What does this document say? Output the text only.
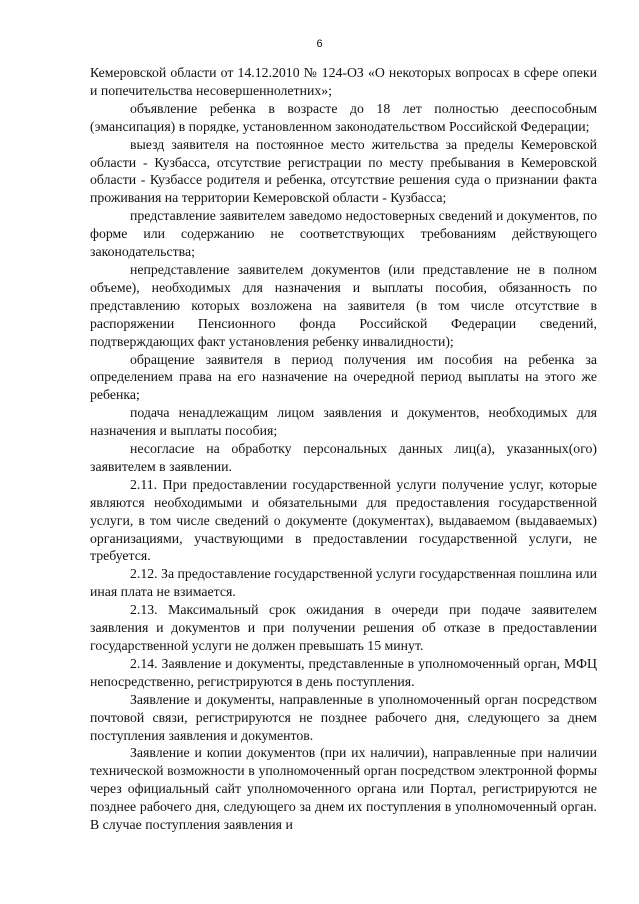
6

Кемеровской области от 14.12.2010 № 124-ОЗ «О некоторых вопросах в сфере опеки и попечительства несовершеннолетних»;

объявление ребенка в возрасте до 18 лет полностью дееспособным (эмансипация) в порядке, установленном законодательством Российской Федерации;

выезд заявителя на постоянное место жительства за пределы Кемеровской области - Кузбасса, отсутствие регистрации по месту пребывания в Кемеровской области - Кузбассе родителя и ребенка, отсутствие решения суда о признании факта проживания на территории Кемеровской области - Кузбасса;

представление заявителем заведомо недостоверных сведений и документов, по форме или содержанию не соответствующих требованиям действующего законодательства;

непредставление заявителем документов (или представление не в полном объеме), необходимых для назначения и выплаты пособия, обязанность по представлению которых возложена на заявителя (в том числе отсутствие в распоряжении Пенсионного фонда Российской Федерации сведений, подтверждающих факт установления ребенку инвалидности);

обращение заявителя в период получения им пособия на ребенка за определением права на его назначение на очередной период выплаты на этого же ребенка;

подача ненадлежащим лицом заявления и документов, необходимых для назначения и выплаты пособия;

несогласие на обработку персональных данных лиц(а), указанных(ого) заявителем в заявлении.

2.11. При предоставлении государственной услуги получение услуг, которые являются необходимыми и обязательными для предоставления государственной услуги, в том числе сведений о документе (документах), выдаваемом (выдаваемых) организациями, участвующими в предоставлении государственной услуги, не требуется.

2.12. За предоставление государственной услуги государственная пошлина или иная плата не взимается.

2.13. Максимальный срок ожидания в очереди при подаче заявителем заявления и документов и при получении решения об отказе в предоставлении государственной услуги не должен превышать 15 минут.

2.14. Заявление и документы, представленные в уполномоченный орган, МФЦ непосредственно, регистрируются в день поступления.

Заявление и документы, направленные в уполномоченный орган посредством почтовой связи, регистрируются не позднее рабочего дня, следующего за днем поступления заявления и документов.

Заявление и копии документов (при их наличии), направленные при наличии технической возможности в уполномоченный орган посредством электронной формы через официальный сайт уполномоченного органа или Портал, регистрируются не позднее рабочего дня, следующего за днем их поступления в уполномоченный орган. В случае поступления заявления и
